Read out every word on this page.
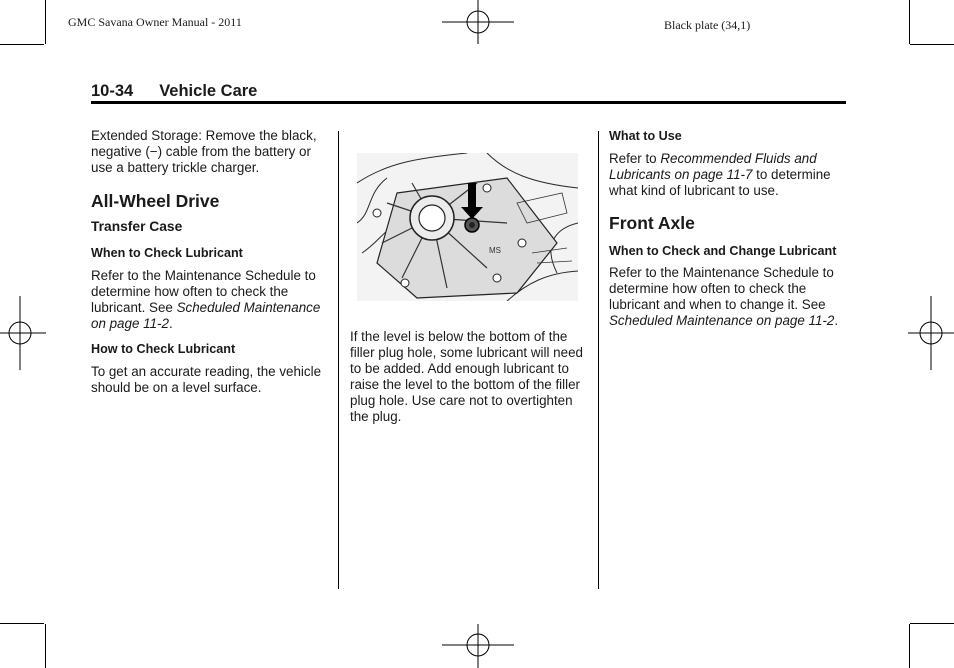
GMC Savana Owner Manual - 2011	Black plate (34,1)
10-34 Vehicle Care

Extended Storage: Remove the black, negative (−) cable from the battery or use a battery trickle charger.

All-Wheel Drive

Transfer Case

When to Check Lubricant

Refer to the Maintenance Schedule to determine how often to check the lubricant. See Scheduled Maintenance on page 11-2.

How to Check Lubricant

To get an accurate reading, the vehicle should be on a level surface.

MS

If the level is below the bottom of the filler plug hole, some lubricant will need to be added. Add enough lubricant to raise the level to the bottom of the filler plug hole. Use care not to overtighten the plug.

What to Use

Refer to Recommended Fluids and Lubricants on page 11-7 to determine what kind of lubricant to use.

Front Axle

When to Check and Change Lubricant

Refer to the Maintenance Schedule to determine how often to check the lubricant and when to change it. See Scheduled Maintenance on page 11-2.
